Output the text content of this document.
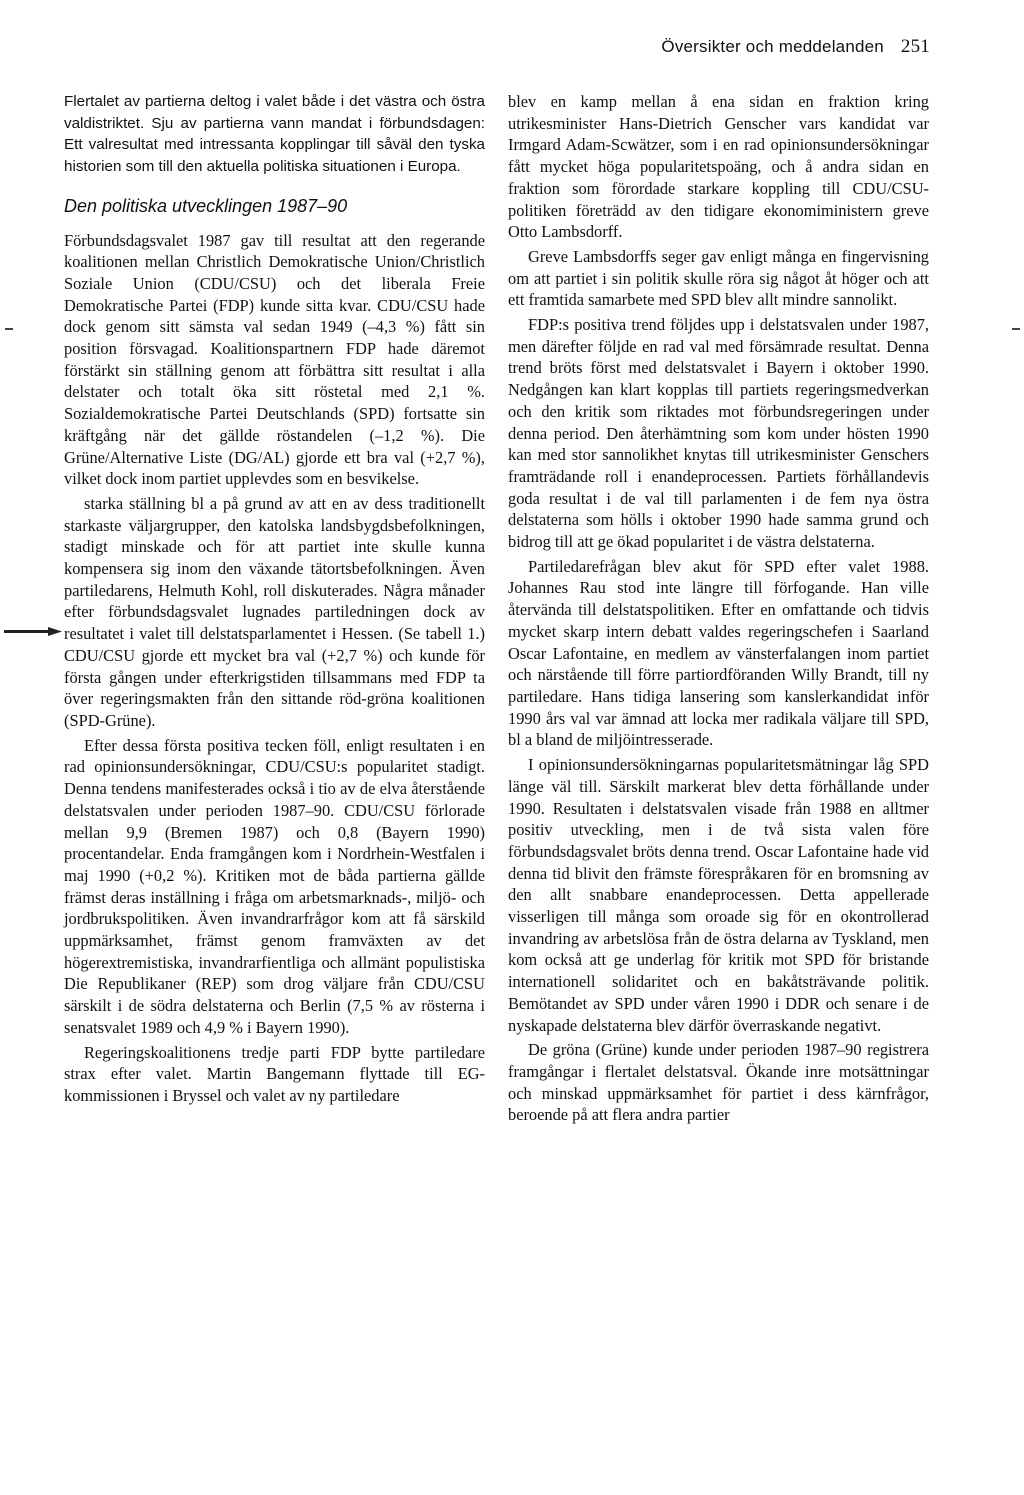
Översikter och meddelanden 251

Flertalet av partierna deltog i valet både i det västra och östra valdistriktet. Sju av partierna vann mandat i förbundsdagen: Ett valresultat med intressanta kopplingar till såväl den tyska historien som till den aktuella politiska situationen i Europa.

Den politiska utvecklingen 1987–90

Förbundsdagsvalet 1987 gav till resultat att den regerande koalitionen mellan Christlich Demokratische Union/Christlich Soziale Union (CDU/CSU) och det liberala Freie Demokratische Partei (FDP) kunde sitta kvar. CDU/CSU hade dock genom sitt sämsta val sedan 1949 (–4,3 %) fått sin position försvagad. Koalitionspartnern FDP hade däremot förstärkt sin ställning genom att förbättra sitt resultat i alla delstater och totalt öka sitt röstetal med 2,1 %. Sozialdemokratische Partei Deutschlands (SPD) fortsatte sin kräftgång när det gällde röstandelen (–1,2 %). Die Grüne/Alternative Liste (DG/AL) gjorde ett bra val (+2,7 %), vilket dock inom partiet upplevdes som en besvikelse.

starka ställning bl a på grund av att en av dess traditionellt starkaste väljargrupper, den katolska landsbygdsbefolkningen, stadigt minskade och för att partiet inte skulle kunna kompensera sig inom den växande tätortsbefolkningen. Även partiledarens, Helmuth Kohl, roll diskuterades. Några månader efter förbundsdagsvalet lugnades partiledningen dock av resultatet i valet till delstatsparlamentet i Hessen. (Se tabell 1.) CDU/CSU gjorde ett mycket bra val (+2,7 %) och kunde för första gången under efterkrigstiden tillsammans med FDP ta över regeringsmakten från den sittande röd-gröna koalitionen (SPD-Grüne).

Efter dessa första positiva tecken föll, enligt resultaten i en rad opinionsundersökningar, CDU/CSU:s popularitet stadigt. Denna tendens manifesterades också i tio av de elva återstående delstatsvalen under perioden 1987–90. CDU/CSU förlorade mellan 9,9 (Bremen 1987) och 0,8 (Bayern 1990) procentandelar. Enda framgången kom i Nordrhein-Westfalen i maj 1990 (+0,2 %). Kritiken mot de båda partierna gällde främst deras inställning i fråga om arbetsmarknads-, miljö- och jordbrukspolitiken. Även invandrarfrågor kom att få särskild uppmärksamhet, främst genom framväxten av det högerextremistiska, invandrarfientliga och allmänt populistiska Die Republikaner (REP) som drog väljare från CDU/CSU särskilt i de södra delstaterna och Berlin (7,5 % av rösterna i senatsvalet 1989 och 4,9 % i Bayern 1990).

Regeringskoalitionens tredje parti FDP bytte partiledare strax efter valet. Martin Bangemann flyttade till EG-kommissionen i Bryssel och valet av ny partiledare

blev en kamp mellan å ena sidan en fraktion kring utrikesminister Hans-Dietrich Genscher vars kandidat var Irmgard Adam-Scwätzer, som i en rad opinionsundersökningar fått mycket höga popularitetspoäng, och å andra sidan en fraktion som förordade starkare koppling till CDU/CSU-politiken företrädd av den tidigare ekonomiministern greve Otto Lambsdorff.

Greve Lambsdorffs seger gav enligt många en fingervisning om att partiet i sin politik skulle röra sig något åt höger och att ett framtida samarbete med SPD blev allt mindre sannolikt.

FDP:s positiva trend följdes upp i delstatsvalen under 1987, men därefter följde en rad val med försämrade resultat. Denna trend bröts först med delstatsvalet i Bayern i oktober 1990. Nedgången kan klart kopplas till partiets regeringsmedverkan och den kritik som riktades mot förbundsregeringen under denna period. Den återhämtning som kom under hösten 1990 kan med stor sannolikhet knytas till utrikesminister Genschers framträdande roll i enandeprocessen. Partiets förhållandevis goda resultat i de val till parlamenten i de fem nya östra delstaterna som hölls i oktober 1990 hade samma grund och bidrog till att ge ökad popularitet i de västra delstaterna.

Partiledarefrågan blev akut för SPD efter valet 1988. Johannes Rau stod inte längre till förfogande. Han ville återvända till delstatspolitiken. Efter en omfattande och tidvis mycket skarp intern debatt valdes regeringschefen i Saarland Oscar Lafontaine, en medlem av vänsterfalangen inom partiet och närstående till förre partiordföranden Willy Brandt, till ny partiledare. Hans tidiga lansering som kanslerkandidat inför 1990 års val var ämnad att locka mer radikala väljare till SPD, bl a bland de miljöintresserade.

I opinionsundersökningarnas popularitetsmätningar låg SPD länge väl till. Särskilt markerat blev detta förhållande under 1990. Resultaten i delstatsvalen visade från 1988 en alltmer positiv utveckling, men i de två sista valen före förbundsdagsvalet bröts denna trend. Oscar Lafontaine hade vid denna tid blivit den främste förespråkaren för en bromsning av den allt snabbare enandeprocessen. Detta appellerade visserligen till många som oroade sig för en okontrollerad invandring av arbetslösa från de östra delarna av Tyskland, men kom också att ge underlag för kritik mot SPD för bristande internationell solidaritet och en bakåtsträvande politik. Bemötandet av SPD under våren 1990 i DDR och senare i de nyskapade delstaterna blev därför överraskande negativt.

De gröna (Grüne) kunde under perioden 1987–90 registrera framgångar i flertalet delstatsval. Ökande inre motsättningar och minskad uppmärksamhet för partiet i dess kärnfrågor, beroende på att flera andra partier
